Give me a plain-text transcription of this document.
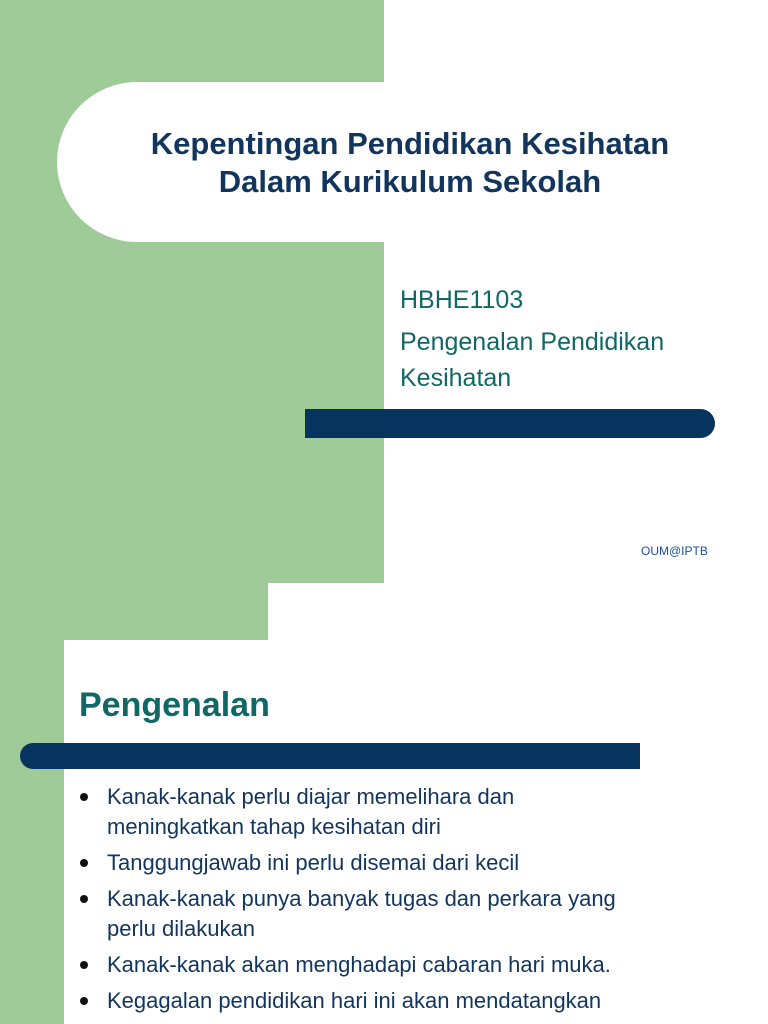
Kepentingan Pendidikan Kesihatan
Dalam Kurikulum Sekolah
HBHE1103
Pengenalan Pendidikan
Kesihatan
OUM@IPTB
Pengenalan
Kanak-kanak perlu diajar memelihara dan
meningkatkan tahap kesihatan diri
Tanggungjawab ini perlu disemai dari kecil
Kanak-kanak punya banyak tugas dan perkara yang
perlu dilakukan
Kanak-kanak akan menghadapi cabaran hari muka.
Kegagalan pendidikan hari ini akan mendatangkan
